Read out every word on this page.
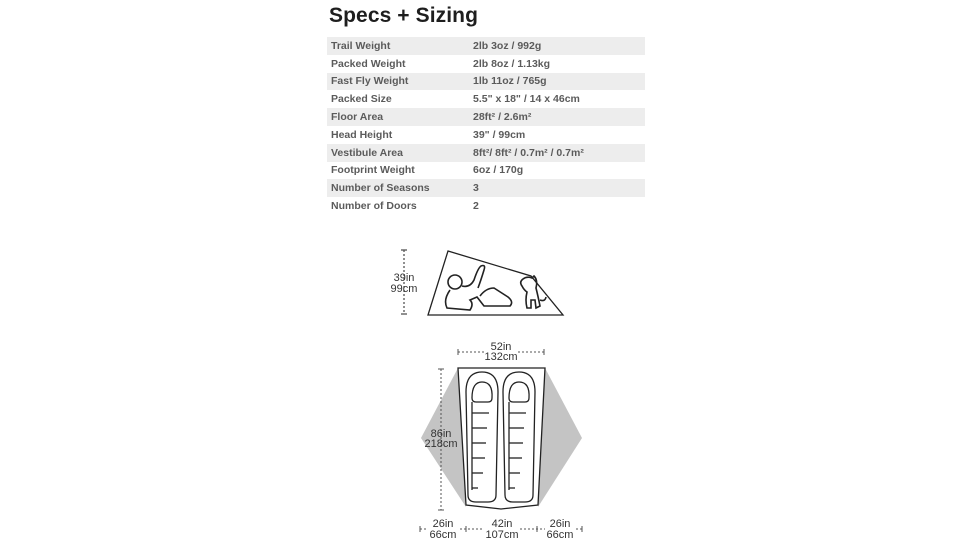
Specs + Sizing
Trail Weight	2lb 3oz / 992g
Packed Weight	2lb 8oz / 1.13kg
Fast Fly Weight	1lb 11oz / 765g
Packed Size	5.5" x 18" / 14 x 46cm
Floor Area	28ft² / 2.6m²
Head Height	39" / 99cm
Vestibule Area	8ft²/ 8ft² / 0.7m² / 0.7m²
Footprint Weight	6oz / 170g
Number of Seasons	3
Number of Doors	2
39in
99cm
52in
132cm
86in
218cm
26in
66cm
42in
107cm
26in
66cm
